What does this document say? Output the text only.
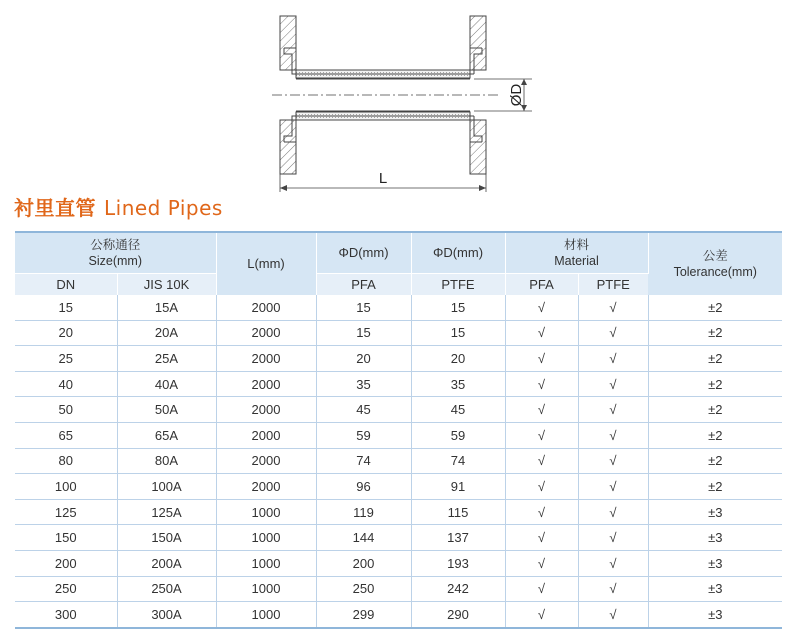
ØD
L
衬里直管 Lined Pipes
公称通径
Size(mm)		L(mm)	ΦD(mm)	ΦD(mm)	材料
Material		公差
Tolerance(mm)

DN	JIS 10K		PFA	PTFE	PFA	PTFE	
15	15A	2000	15	15	√	√	±2
20	20A	2000	15	15	√	√	±2
25	25A	2000	20	20	√	√	±2
40	40A	2000	35	35	√	√	±2
50	50A	2000	45	45	√	√	±2
65	65A	2000	59	59	√	√	±2
80	80A	2000	74	74	√	√	±2
100	100A	2000	96	91	√	√	±2
125	125A	1000	119	115	√	√	±3
150	150A	1000	144	137	√	√	±3
200	200A	1000	200	193	√	√	±3
250	250A	1000	250	242	√	√	±3
300	300A	1000	299	290	√	√	±3
